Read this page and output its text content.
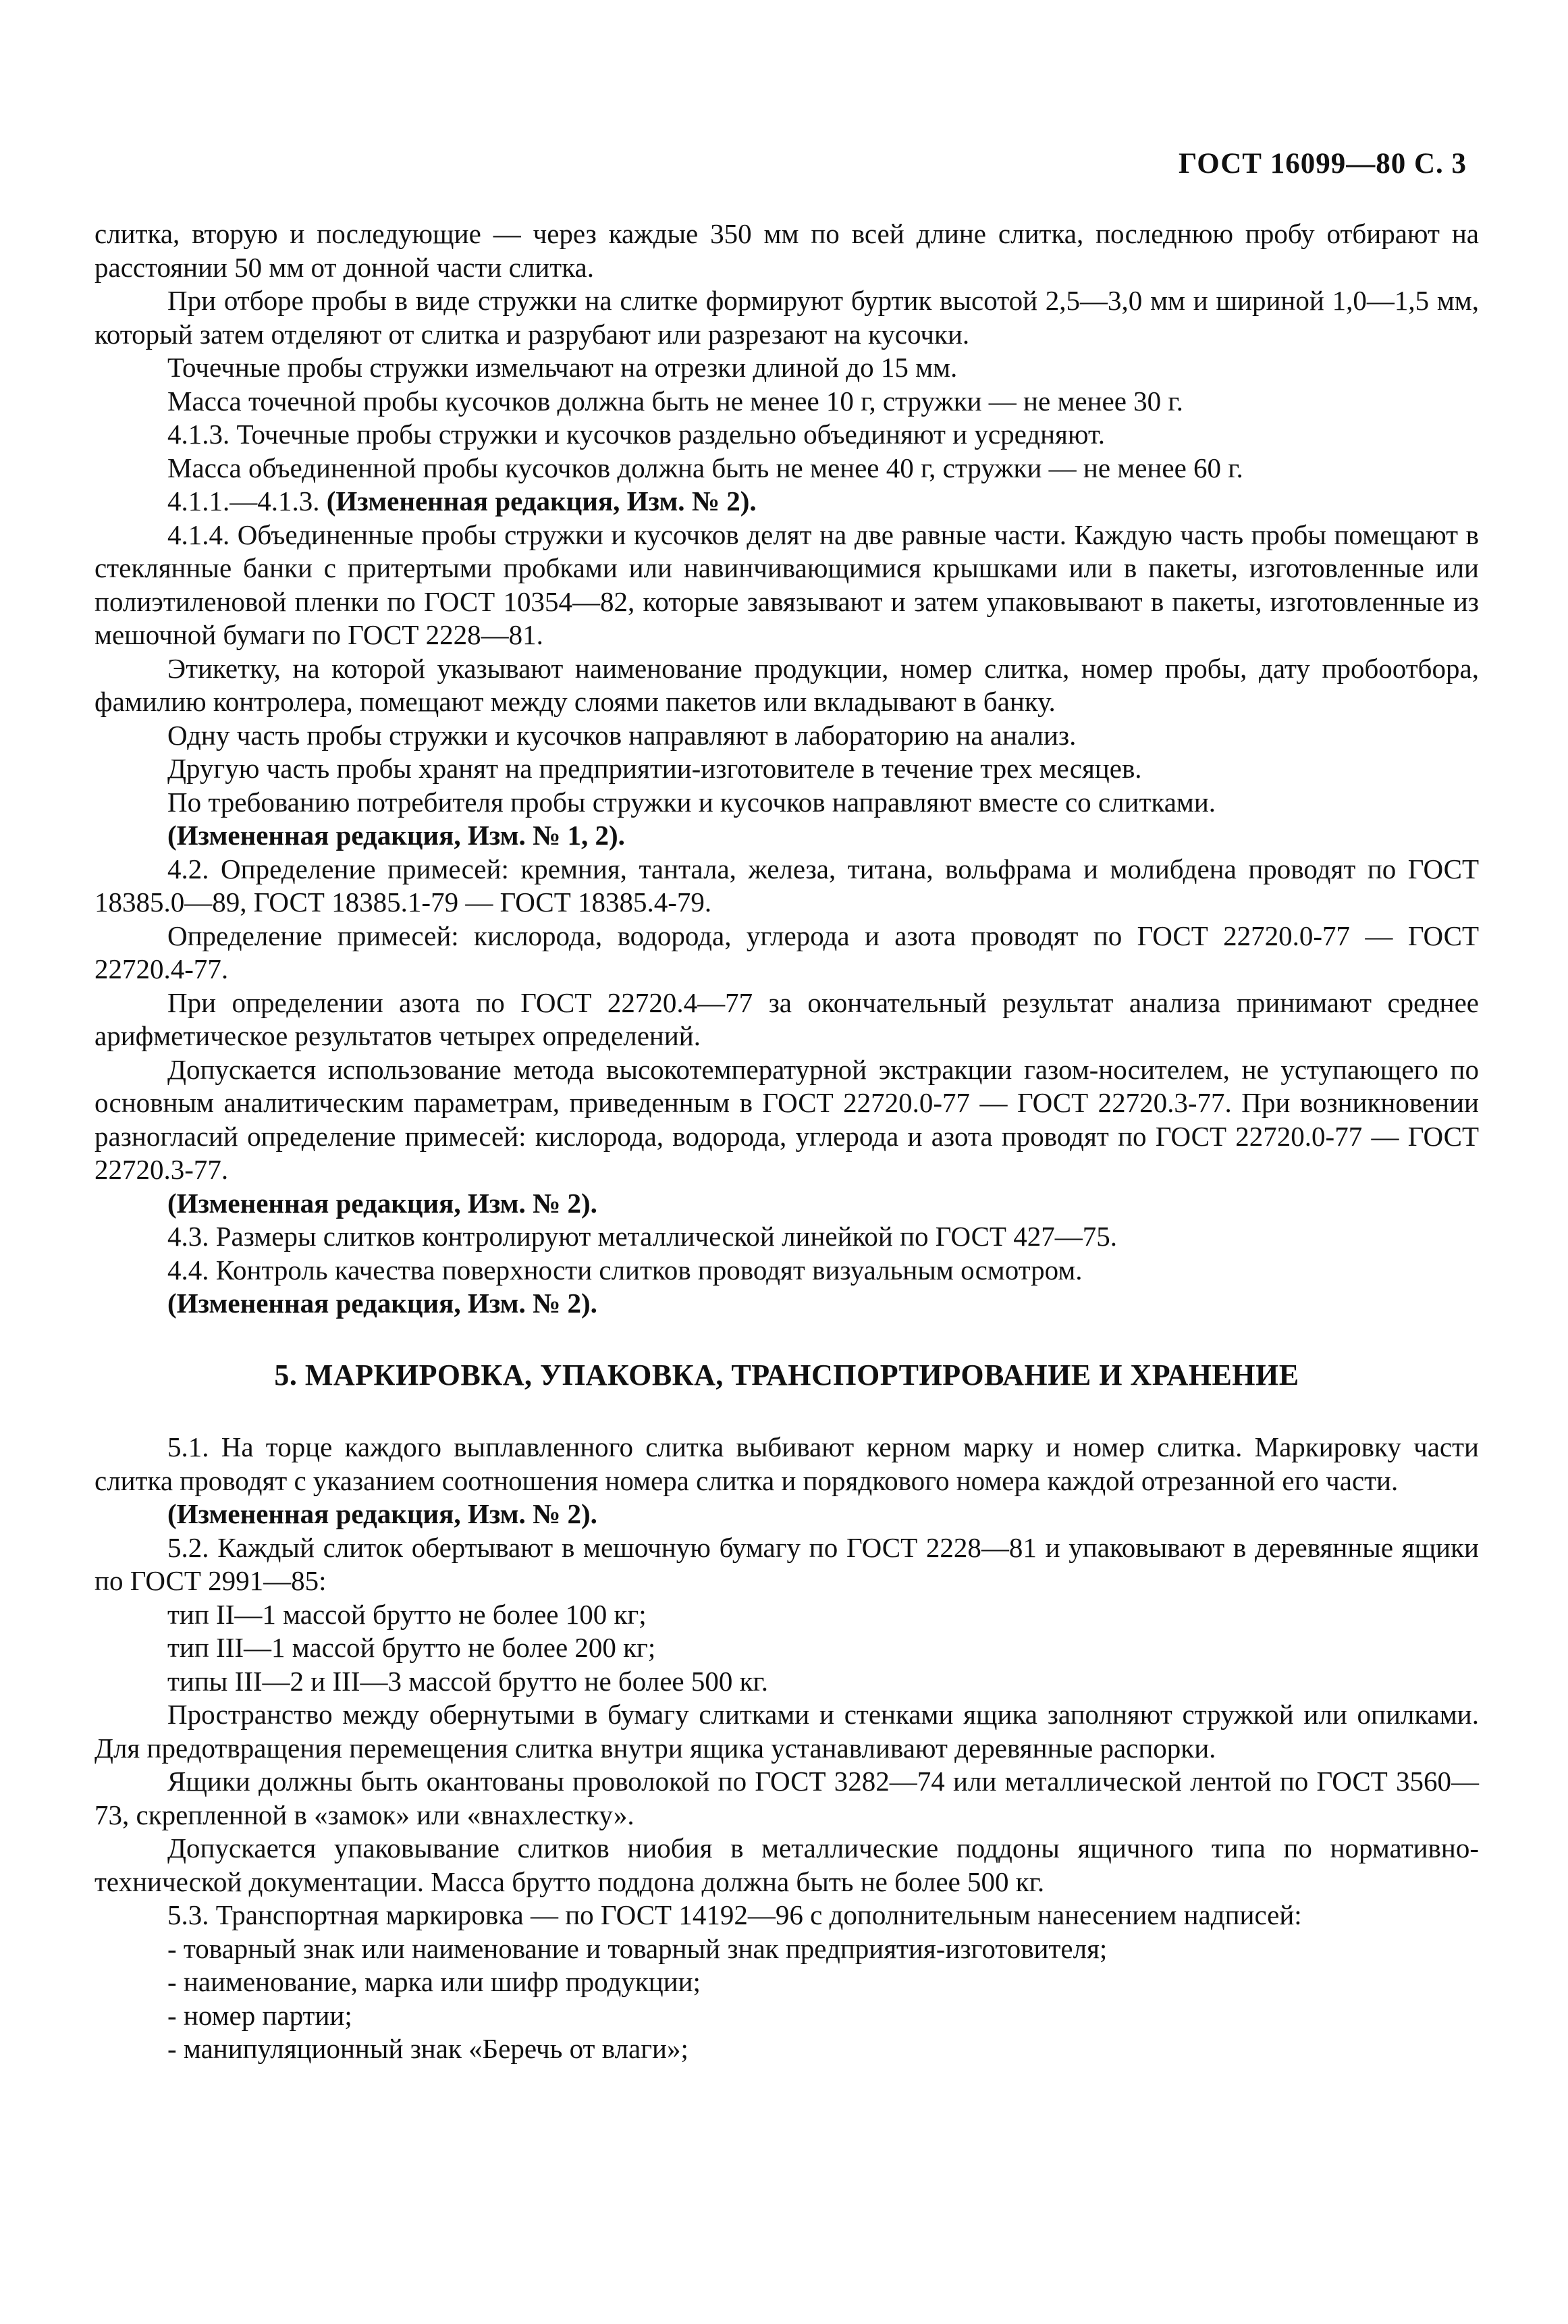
ГОСТ 16099—80 С. 3

слитка, вторую и последующие — через каждые 350 мм по всей длине слитка, последнюю пробу отбирают на расстоянии 50 мм от донной части слитка.

При отборе пробы в виде стружки на слитке формируют буртик высотой 2,5—3,0 мм и шириной 1,0—1,5 мм, который затем отделяют от слитка и разрубают или разрезают на кусочки.

Точечные пробы стружки измельчают на отрезки длиной до 15 мм.

Масса точечной пробы кусочков должна быть не менее 10 г, стружки — не менее 30 г.

4.1.3. Точечные пробы стружки и кусочков раздельно объединяют и усредняют.

Масса объединенной пробы кусочков должна быть не менее 40 г, стружки — не менее 60 г.

4.1.1.—4.1.3. (Измененная редакция, Изм. № 2).

4.1.4. Объединенные пробы стружки и кусочков делят на две равные части. Каждую часть пробы помещают в стеклянные банки с притертыми пробками или навинчивающимися крышками или в пакеты, изготовленные или полиэтиленовой пленки по ГОСТ 10354—82, которые завязывают и затем упаковывают в пакеты, изготовленные из мешочной бумаги по ГОСТ 2228—81.

Этикетку, на которой указывают наименование продукции, номер слитка, номер пробы, дату пробоотбора, фамилию контролера, помещают между слоями пакетов или вкладывают в банку.

Одну часть пробы стружки и кусочков направляют в лабораторию на анализ.

Другую часть пробы хранят на предприятии-изготовителе в течение трех месяцев.

По требованию потребителя пробы стружки и кусочков направляют вместе со слитками.

(Измененная редакция, Изм. № 1, 2).

4.2. Определение примесей: кремния, тантала, железа, титана, вольфрама и молибдена проводят по ГОСТ 18385.0—89, ГОСТ 18385.1-79 — ГОСТ 18385.4-79.

Определение примесей: кислорода, водорода, углерода и азота проводят по ГОСТ 22720.0-77 — ГОСТ 22720.4-77.

При определении азота по ГОСТ 22720.4—77 за окончательный результат анализа принимают среднее арифметическое результатов четырех определений.

Допускается использование метода высокотемпературной экстракции газом-носителем, не уступающего по основным аналитическим параметрам, приведенным в ГОСТ 22720.0-77 — ГОСТ 22720.3-77. При возникновении разногласий определение примесей: кислорода, водорода, углерода и азота проводят по ГОСТ 22720.0-77 — ГОСТ 22720.3-77.

(Измененная редакция, Изм. № 2).

4.3. Размеры слитков контролируют металлической линейкой по ГОСТ 427—75.

4.4. Контроль качества поверхности слитков проводят визуальным осмотром.

(Измененная редакция, Изм. № 2).

5. МАРКИРОВКА, УПАКОВКА, ТРАНСПОРТИРОВАНИЕ И ХРАНЕНИЕ

5.1. На торце каждого выплавленного слитка выбивают керном марку и номер слитка. Маркировку части слитка проводят с указанием соотношения номера слитка и порядкового номера каждой отрезанной его части.

(Измененная редакция, Изм. № 2).

5.2. Каждый слиток обертывают в мешочную бумагу по ГОСТ 2228—81 и упаковывают в деревянные ящики по ГОСТ 2991—85:

тип II—1 массой брутто не более 100 кг;

тип III—1 массой брутто не более 200 кг;

типы III—2 и III—3 массой брутто не более 500 кг.

Пространство между обернутыми в бумагу слитками и стенками ящика заполняют стружкой или опилками. Для предотвращения перемещения слитка внутри ящика устанавливают деревянные распорки.

Ящики должны быть окантованы проволокой по ГОСТ 3282—74 или металлической лентой по ГОСТ 3560—73, скрепленной в «замок» или «внахлестку».

Допускается упаковывание слитков ниобия в металлические поддоны ящичного типа по нормативно-технической документации. Масса брутто поддона должна быть не более 500 кг.

5.3. Транспортная маркировка — по ГОСТ 14192—96 с дополнительным нанесением надписей:

- товарный знак или наименование и товарный знак предприятия-изготовителя;

- наименование, марка или шифр продукции;

- номер партии;

- манипуляционный знак «Беречь от влаги»;
